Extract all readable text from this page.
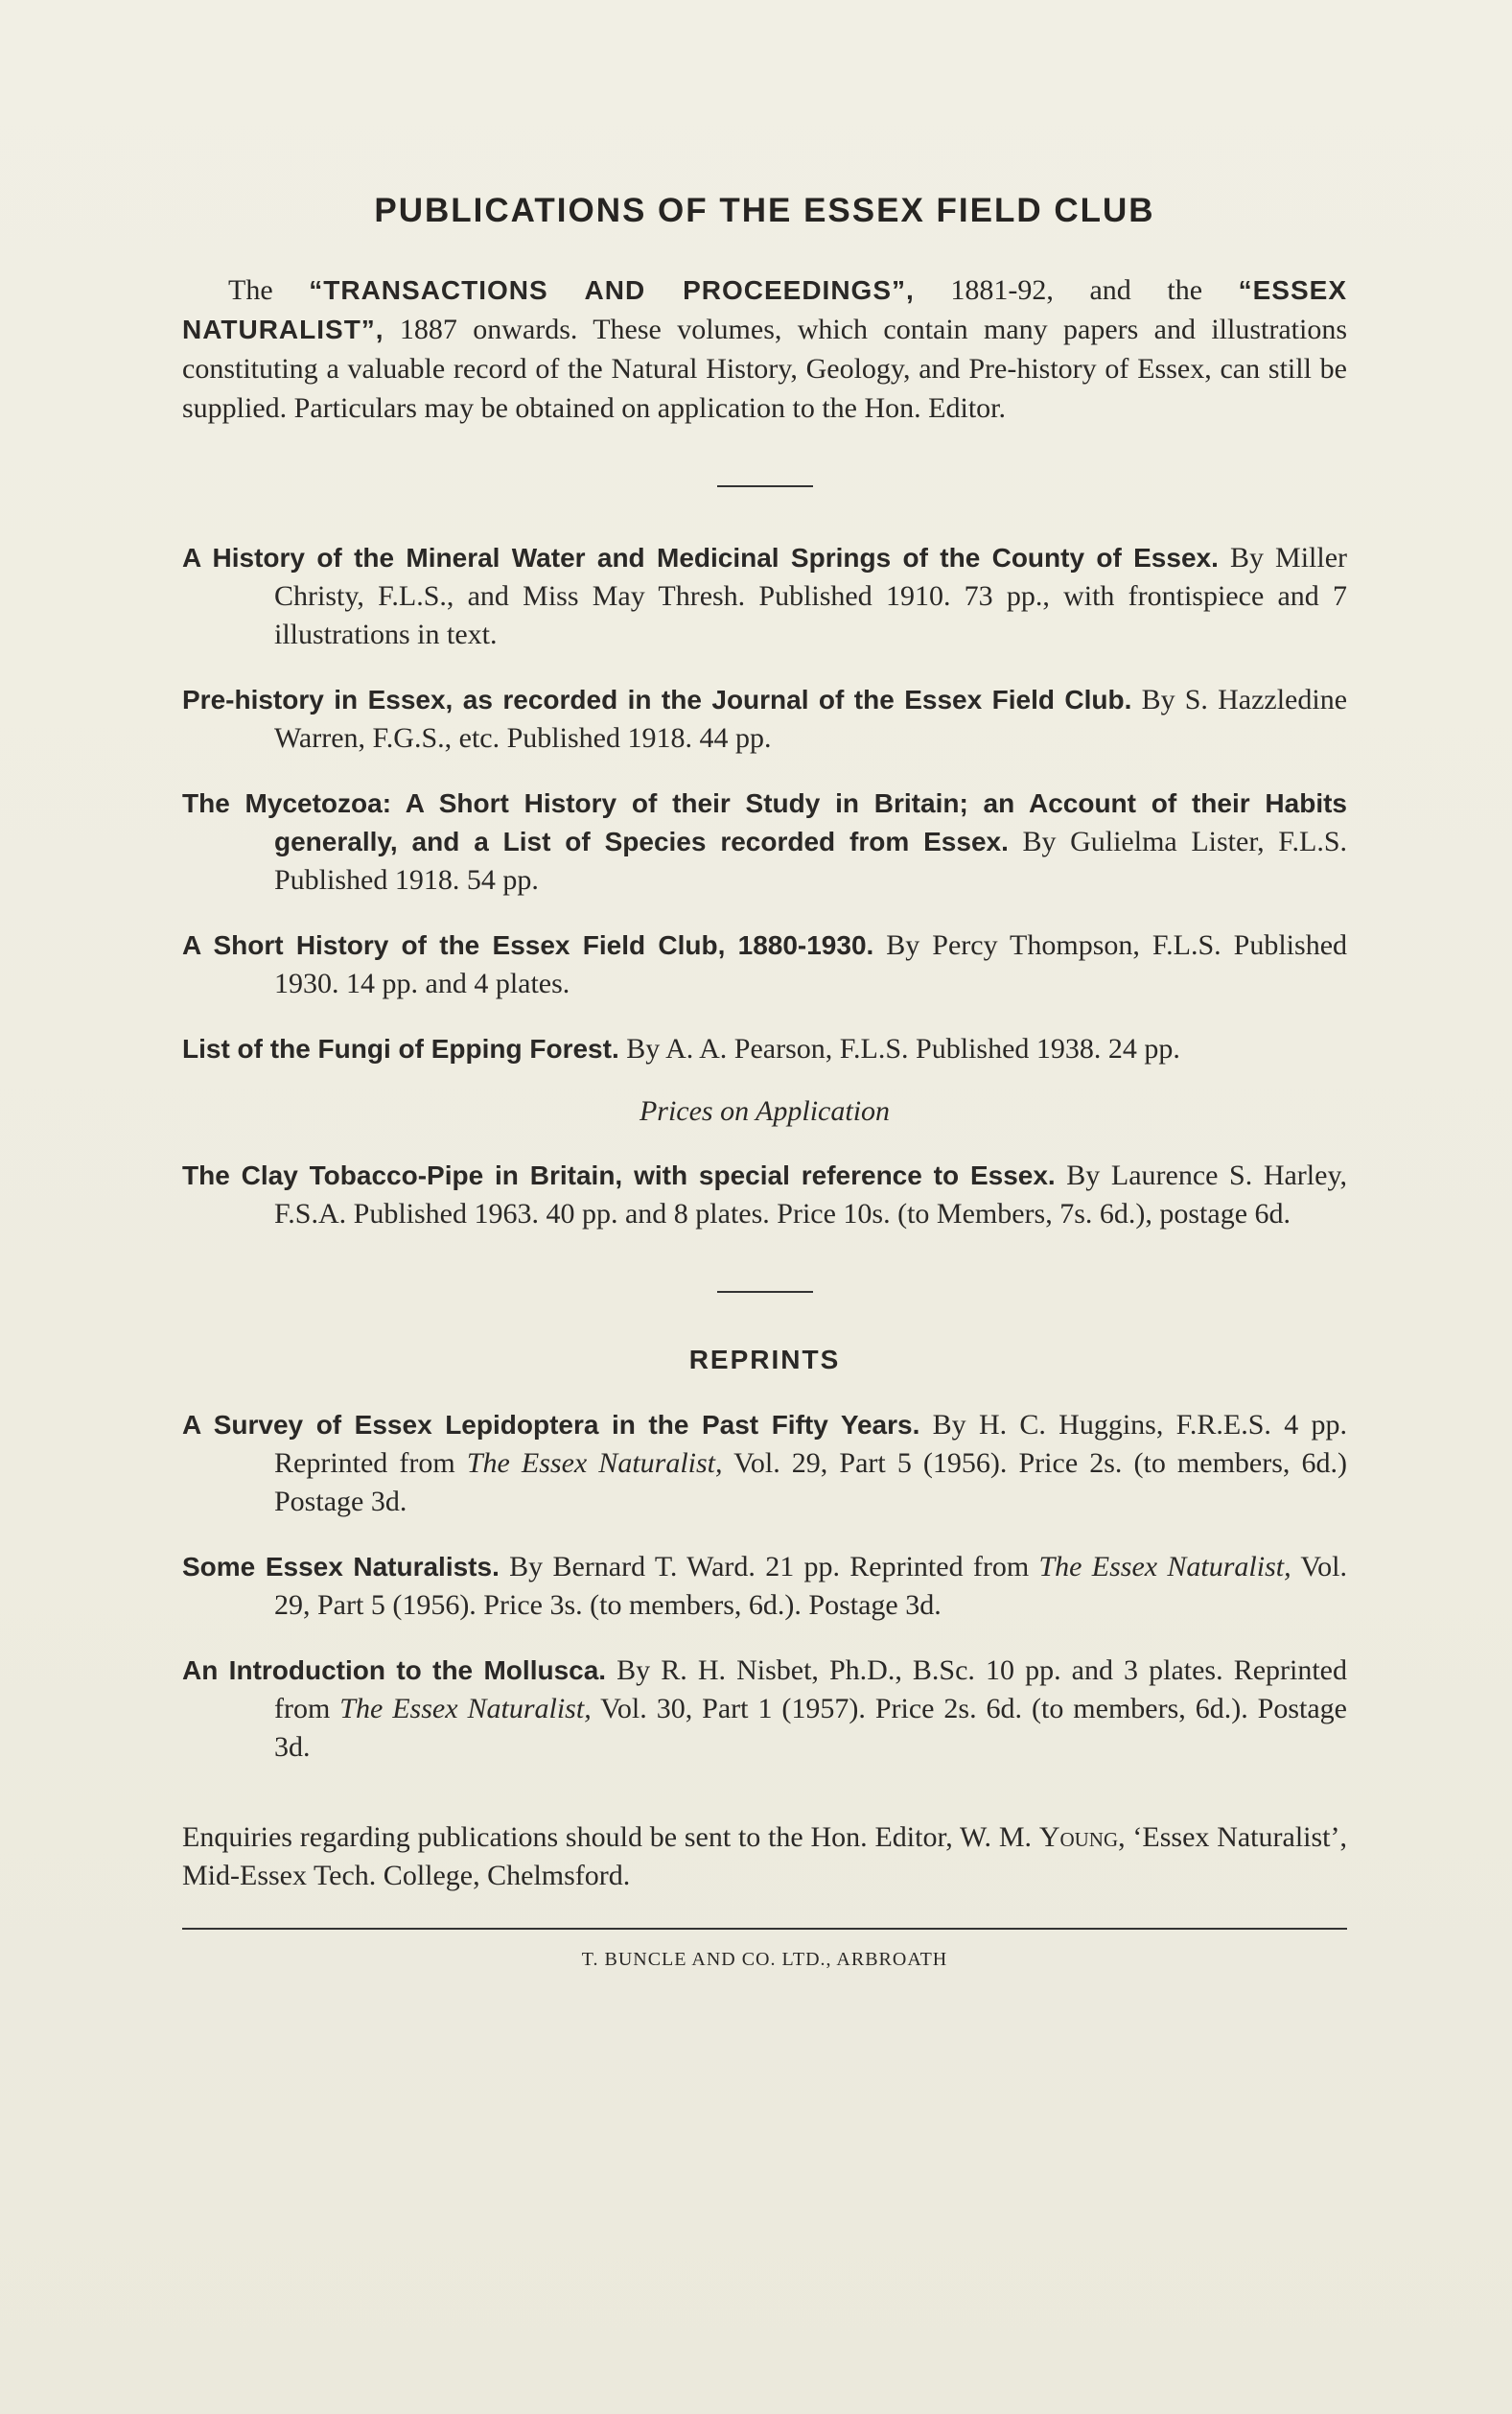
PUBLICATIONS OF THE ESSEX FIELD CLUB

The “TRANSACTIONS AND PROCEEDINGS”, 1881-92, and the “ESSEX NATURALIST”, 1887 onwards. These volumes, which contain many papers and illustrations constituting a valuable record of the Natural History, Geology, and Pre-history of Essex, can still be supplied. Particulars may be obtained on application to the Hon. Editor.

A History of the Mineral Water and Medicinal Springs of the County of Essex. By Miller Christy, F.L.S., and Miss May Thresh. Published 1910. 73 pp., with frontispiece and 7 illustrations in text.

Pre-history in Essex, as recorded in the Journal of the Essex Field Club. By S. Hazzledine Warren, F.G.S., etc. Published 1918. 44 pp.

The Mycetozoa: A Short History of their Study in Britain; an Account of their Habits generally, and a List of Species recorded from Essex. By Gulielma Lister, F.L.S. Published 1918. 54 pp.

A Short History of the Essex Field Club, 1880-1930. By Percy Thompson, F.L.S. Published 1930. 14 pp. and 4 plates.

List of the Fungi of Epping Forest. By A. A. Pearson, F.L.S. Published 1938. 24 pp.

Prices on Application

The Clay Tobacco-Pipe in Britain, with special reference to Essex. By Laurence S. Harley, F.S.A. Published 1963. 40 pp. and 8 plates. Price 10s. (to Members, 7s. 6d.), postage 6d.

REPRINTS

A Survey of Essex Lepidoptera in the Past Fifty Years. By H. C. Huggins, F.R.E.S. 4 pp. Reprinted from The Essex Naturalist, Vol. 29, Part 5 (1956). Price 2s. (to members, 6d.) Postage 3d.

Some Essex Naturalists. By Bernard T. Ward. 21 pp. Reprinted from The Essex Naturalist, Vol. 29, Part 5 (1956). Price 3s. (to members, 6d.). Postage 3d.

An Introduction to the Mollusca. By R. H. Nisbet, Ph.D., B.Sc. 10 pp. and 3 plates. Reprinted from The Essex Naturalist, Vol. 30, Part 1 (1957). Price 2s. 6d. (to members, 6d.). Postage 3d.

Enquiries regarding publications should be sent to the Hon. Editor, W. M. Young, ‘Essex Naturalist’, Mid-Essex Tech. College, Chelmsford.

T. BUNCLE AND CO. LTD., ARBROATH
